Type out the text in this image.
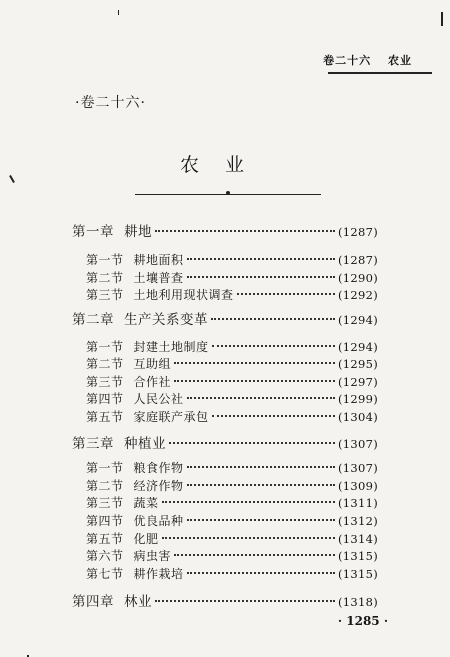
卷二十六 农业
·卷二十六·
农业
第一章 耕地	(1287)
第一节 耕地面积	(1287)
第二节 土壤普查	(1290)
第三节 土地利用现状调查	(1292)
第二章 生产关系变革	(1294)
第一节 封建土地制度	(1294)
第二节 互助组	(1295)
第三节 合作社	(1297)
第四节 人民公社	(1299)
第五节 家庭联产承包	(1304)
第三章 种植业	(1307)
第一节 粮食作物	(1307)
第二节 经济作物	(1309)
第三节 蔬菜	(1311)
第四节 优良品种	(1312)
第五节 化肥	(1314)
第六节 病虫害	(1315)
第七节 耕作栽培	(1315)
第四章 林业	(1318)
· 1285 ·
